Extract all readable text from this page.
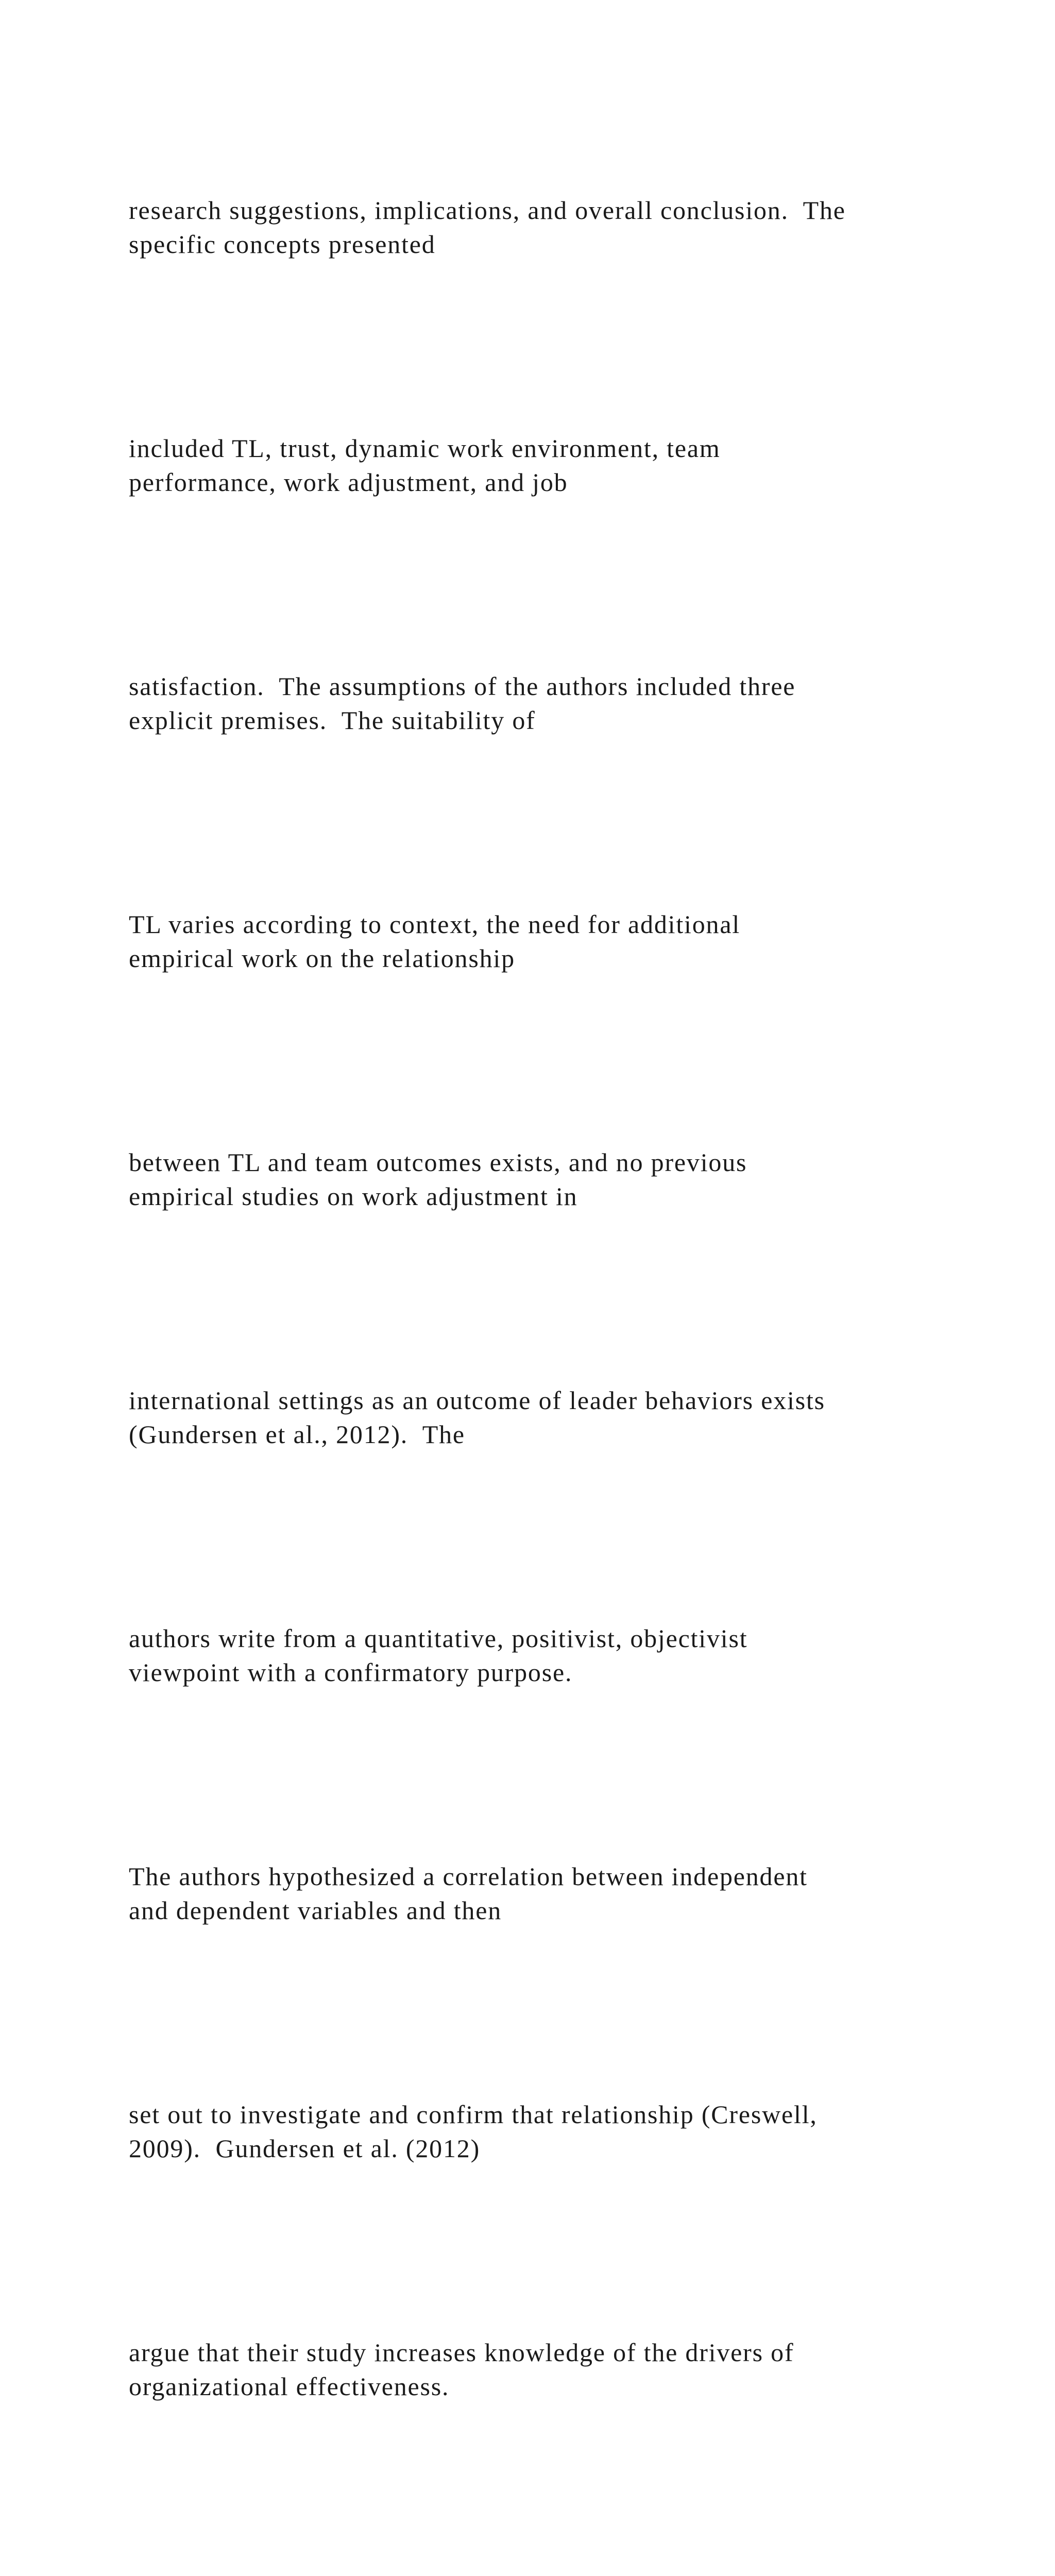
research suggestions, implications, and overall conclusion.  The
specific concepts presented

included TL, trust, dynamic work environment, team
performance, work adjustment, and job

satisfaction.  The assumptions of the authors included three
explicit premises.  The suitability of

TL varies according to context, the need for additional
empirical work on the relationship

between TL and team outcomes exists, and no previous
empirical studies on work adjustment in

international settings as an outcome of leader behaviors exists
(Gundersen et al., 2012).  The

authors write from a quantitative, positivist, objectivist
viewpoint with a confirmatory purpose.

The authors hypothesized a correlation between independent
and dependent variables and then

set out to investigate and confirm that relationship (Creswell,
2009).  Gundersen et al. (2012)

argue that their study increases knowledge of the drivers of
organizational effectiveness.
